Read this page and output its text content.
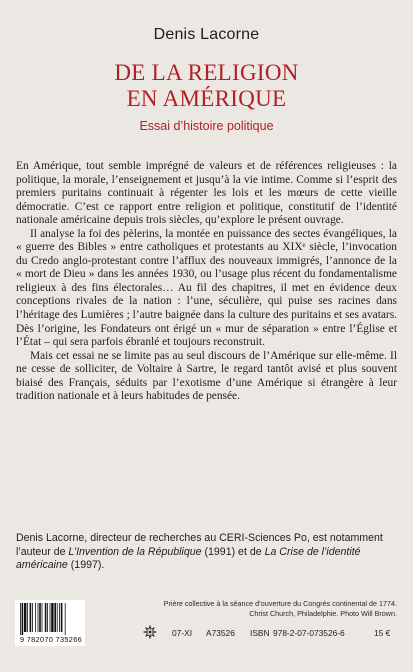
Denis Lacorne
DE LA RELIGION
EN AMÉRIQUE
Essai d’histoire politique

En Amérique, tout semble imprégné de valeurs et de références religieuses : la politique, la morale, l’enseignement et jusqu’à la vie intime. Comme si l’esprit des premiers puritains continuait à régenter les lois et les mœurs de cette vieille démocratie. C’est ce rapport entre religion et politique, constitutif de l’identité nationale américaine depuis trois siècles, qu’explore le présent ouvrage.

Il analyse la foi des pèlerins, la montée en puissance des sectes évangéliques, la « guerre des Bibles » entre catholiques et protestants au XIXᵉ siècle, l’invocation du Credo anglo-protestant contre l’afflux des nouveaux immigrés, l’annonce de la « mort de Dieu » dans les années 1930, ou l’usage plus récent du fondamentalisme religieux à des fins électorales… Au fil des chapitres, il met en évidence deux conceptions rivales de la nation : l’une, séculière, qui puise ses racines dans l’héritage des Lumières ; l’autre baignée dans la culture des puritains et ses avatars. Dès l’origine, les Fondateurs ont érigé un « mur de séparation » entre l’Église et l’État – qui sera parfois ébranlé et toujours reconstruit.

Mais cet essai ne se limite pas au seul discours de l’Amérique sur elle-même. Il ne cesse de solliciter, de Voltaire à Sartre, le regard tantôt avisé et plus souvent biaisé des Français, séduits par l’exotisme d’une Amérique si étrangère à leur tradition nationale et à leurs habitudes de pensée.

Denis Lacorne, directeur de recherches au CERI-Sciences Po, est notamment l’auteur de L’Invention de la République (1991) et de La Crise de l’identité américaine (1997).

Prière collective à la séance d’ouverture du Congrès continental de 1774.
Christ Church, Philadelphie. Photo Will Brown.
9 782070 735266
07-XI A73526 ISBN 978-2-07-073526-6	15 €
